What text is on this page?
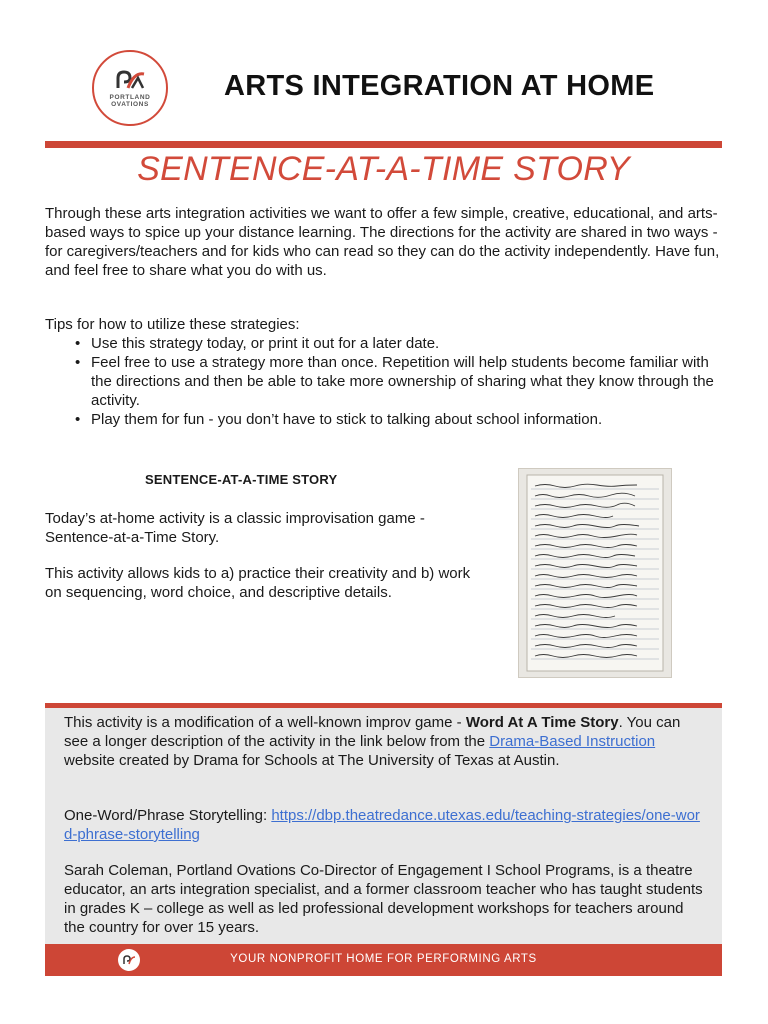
PORTLAND
OVATIONS
ARTS INTEGRATION AT HOME
SENTENCE-AT-A-TIME STORY

Through these arts integration activities we want to offer a few simple, creative, educational, and arts-based ways to spice up your distance learning. The directions for the activity are shared in two ways - for caregivers/teachers and for kids who can read so they can do the activity independently. Have fun, and feel free to share what you do with us.

Tips for how to utilize these strategies:

• Use this strategy today, or print it out for a later date.
• Feel free to use a strategy more than once. Repetition will help students become familiar with the directions and then be able to take more ownership of sharing what they know through the activity.
• Play them for fun - you don’t have to stick to talking about school information.
SENTENCE-AT-A-TIME STORY

Today’s at-home activity is a classic improvisation game - Sentence-at-a-Time Story.

This activity allows kids to a) practice their creativity and b) work on sequencing, word choice, and descriptive details.

This activity is a modification of a well-known improv game - Word At A Time Story. You can see a longer description of the activity in the link below from the Drama-Based Instruction website created by Drama for Schools at The University of Texas at Austin.

One-Word/Phrase Storytelling: https://dbp.theatredance.utexas.edu/teaching-strategies/one-word-phrase-storytelling

Sarah Coleman, Portland Ovations Co-Director of Engagement I School Programs, is a theatre educator, an arts integration specialist, and a former classroom teacher who has taught students in grades K – college as well as led professional development workshops for teachers around the country for over 15 years.

YOUR NONPROFIT HOME FOR PERFORMING ARTS
